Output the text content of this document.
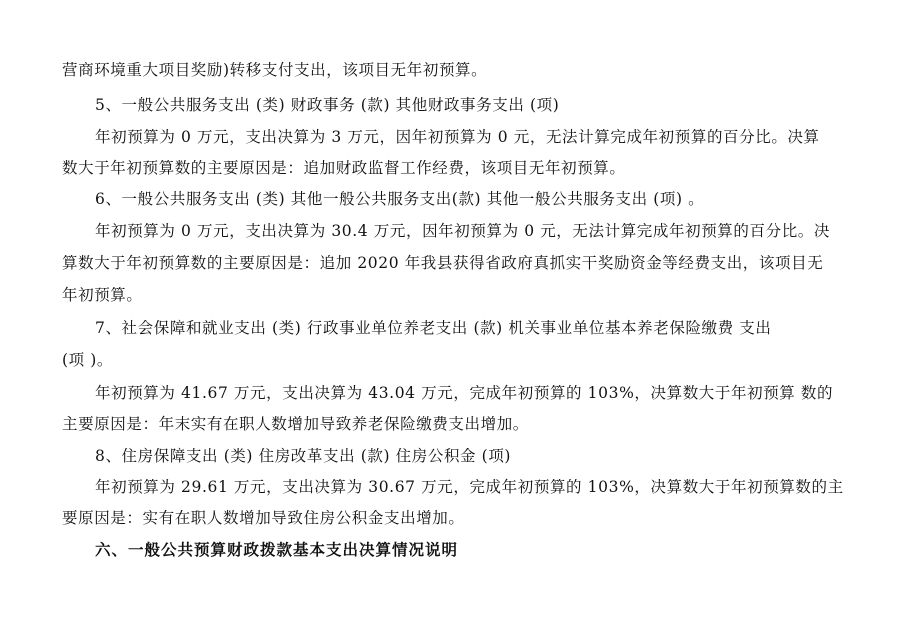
营商环境重大项目奖励)转移支付支出，该项目无年初预算。
5、一般公共服务支出 (类) 财政事务 (款) 其他财政事务支出 (项)
年初预算为 0 万元，支出决算为 3 万元，因年初预算为 0 元，无法计算完成年初预算的百分比。决算
数大于年初预算数的主要原因是：追加财政监督工作经费，该项目无年初预算。
6、一般公共服务支出 (类) 其他一般公共服务支出(款) 其他一般公共服务支出 (项) 。
年初预算为 0 万元，支出决算为 30.4 万元，因年初预算为 0 元，无法计算完成年初预算的百分比。决
算数大于年初预算数的主要原因是：追加 2020 年我县获得省政府真抓实干奖励资金等经费支出，该项目无
年初预算。
7、社会保障和就业支出 (类) 行政事业单位养老支出 (款) 机关事业单位基本养老保险缴费 支出
(项 )。
年初预算为 41.67 万元，支出决算为 43.04 万元，完成年初预算的 103%，决算数大于年初预算 数的
主要原因是：年末实有在职人数增加导致养老保险缴费支出增加。
8、住房保障支出 (类) 住房改革支出 (款) 住房公积金 (项)
年初预算为 29.61 万元，支出决算为 30.67 万元，完成年初预算的 103%，决算数大于年初预算数的主
要原因是：实有在职人数增加导致住房公积金支出增加。
六、一般公共预算财政拨款基本支出决算情况说明
